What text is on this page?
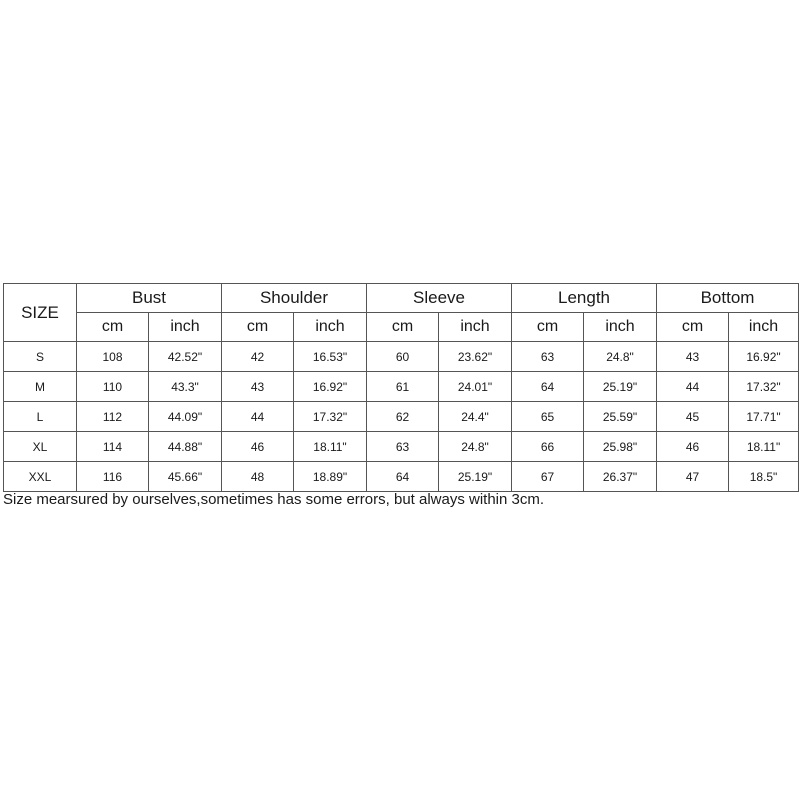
SIZE	Bust		Shoulder		Sleeve		Length		Bottom	
	cm	inch	cm	inch	cm	inch	cm	inch	cm	inch
S	108	42.52"	42	16.53"	60	23.62"	63	24.8"	43	16.92"
M	110	43.3"	43	16.92"	61	24.01"	64	25.19"	44	17.32"
L	112	44.09"	44	17.32"	62	24.4"	65	25.59"	45	17.71"
XL	114	44.88"	46	18.11"	63	24.8"	66	25.98"	46	18.11"
XXL	116	45.66"	48	18.89"	64	25.19"	67	26.37"	47	18.5"
Size mearsured by ourselves,sometimes has some errors, but always within 3cm.
